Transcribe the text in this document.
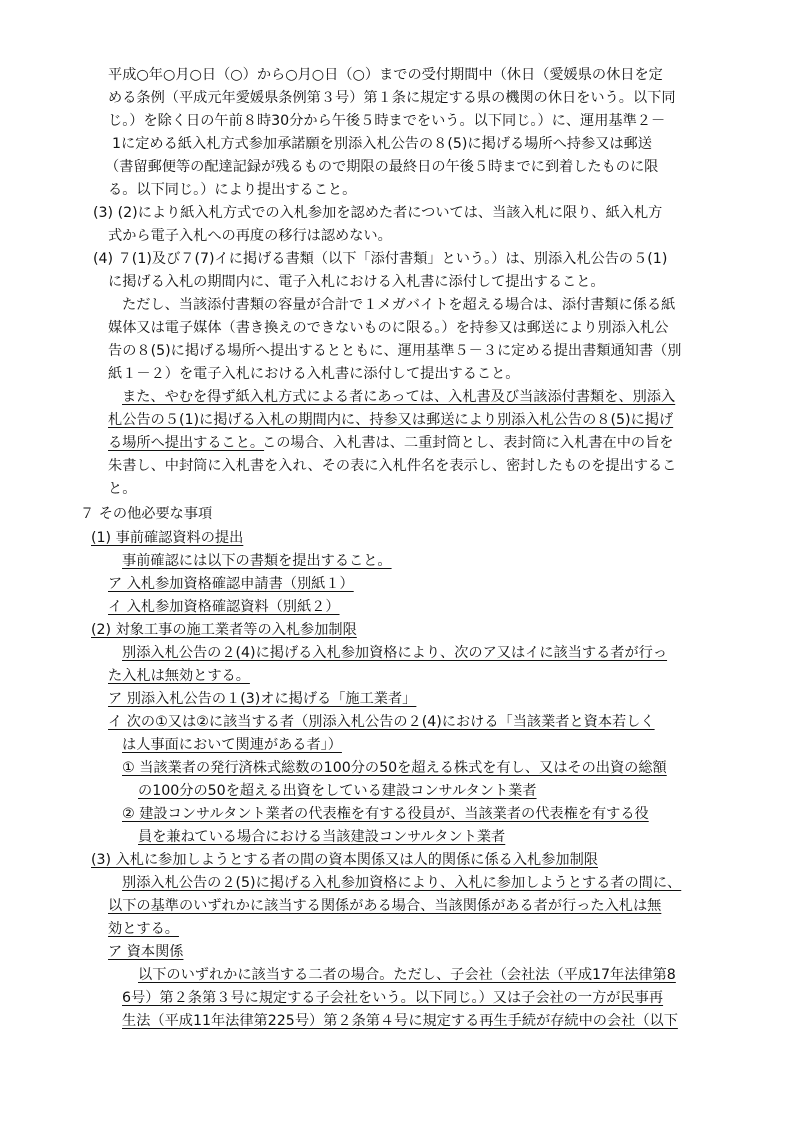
平成○年○月○日（○）から○月○日（○）までの受付期間中（休日（愛媛県の休日を定
める条例（平成元年愛媛県条例第３号）第１条に規定する県の機関の休日をいう。以下同
じ。）を除く日の午前８時30分から午後５時までをいう。以下同じ。）に、運用基準２－
1に定める紙入札方式参加承諾願を別添入札公告の８(5)に掲げる場所へ持参又は郵送
（書留郵便等の配達記録が残るもので期限の最終日の午後５時までに到着したものに限
る。以下同じ。）により提出すること。
(3) (2)により紙入札方式での入札参加を認めた者については、当該入札に限り、紙入札方
式から電子入札への再度の移行は認めない。
(4) ７(1)及び７(7)イに掲げる書類（以下「添付書類」という。）は、別添入札公告の５(1)
に掲げる入札の期間内に、電子入札における入札書に添付して提出すること。
ただし、当該添付書類の容量が合計で１メガバイトを超える場合は、添付書類に係る紙
媒体又は電子媒体（書き換えのできないものに限る。）を持参又は郵送により別添入札公
告の８(5)に掲げる場所へ提出するとともに、運用基準５－３に定める提出書類通知書（別
紙１－２）を電子入札における入札書に添付して提出すること。
また、やむを得ず紙入札方式による者にあっては、入札書及び当該添付書類を、別添入
札公告の５(1)に掲げる入札の期間内に、持参又は郵送により別添入札公告の８(5)に掲げ
る場所へ提出すること。
この場合、入札書は、二重封筒とし、表封筒に入札書在中の旨を
朱書し、中封筒に入札書を入れ、その表に入札件名を表示し、密封したものを提出するこ
と。
７ その他必要な事項
(1) 事前確認資料の提出
事前確認には以下の書類を提出すること。
ア 入札参加資格確認申請書（別紙１）
イ 入札参加資格確認資料（別紙２）
(2) 対象工事の施工業者等の入札参加制限
別添入札公告の２(4)に掲げる入札参加資格により、次のア又はイに該当する者が行っ
た入札は無効とする。
ア 別添入札公告の１(3)オに掲げる「施工業者」
イ 次の①又は②に該当する者（別添入札公告の２(4)における「当該業者と資本若しく
は人事面において関連がある者」）
① 当該業者の発行済株式総数の100分の50を超える株式を有し、又はその出資の総額
の100分の50を超える出資をしている建設コンサルタント業者
② 建設コンサルタント業者の代表権を有する役員が、当該業者の代表権を有する役
員を兼ねている場合における当該建設コンサルタント業者
(3) 入札に参加しようとする者の間の資本関係又は人的関係に係る入札参加制限
別添入札公告の２(5)に掲げる入札参加資格により、入札に参加しようとする者の間に、
以下の基準のいずれかに該当する関係がある場合、当該関係がある者が行った入札は無
効とする。
ア 資本関係
以下のいずれかに該当する二者の場合。ただし、子会社（会社法（平成17年法律第8
6号）第２条第３号に規定する子会社をいう。以下同じ。）又は子会社の一方が民事再
生法（平成11年法律第225号）第２条第４号に規定する再生手続が存続中の会社（以下
